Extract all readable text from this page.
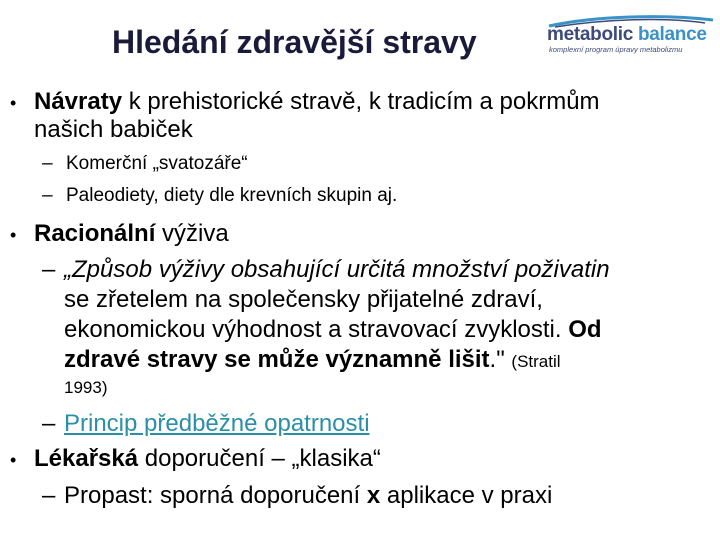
Hledání zdravější stravy	metabolic balance
komplexní program úpravy metabolizmu
• Návraty k prehistorické stravě, k tradicím a pokrmům
našich babiček
– Komerční „svatozáře“
– Paleodiety, diety dle krevních skupin aj.
• Racionální výživa
– „Způsob výživy obsahující určitá množství poživatin
se zřetelem na společensky přijatelné zdraví,
ekonomickou výhodnost a stravovací zvyklosti. Od
zdravé stravy se může významně lišit." (Stratil
1993)
– Princip předběžné opatrnosti
• Lékařská doporučení – „klasika“
– Propast: sporná doporučení x aplikace v praxi
